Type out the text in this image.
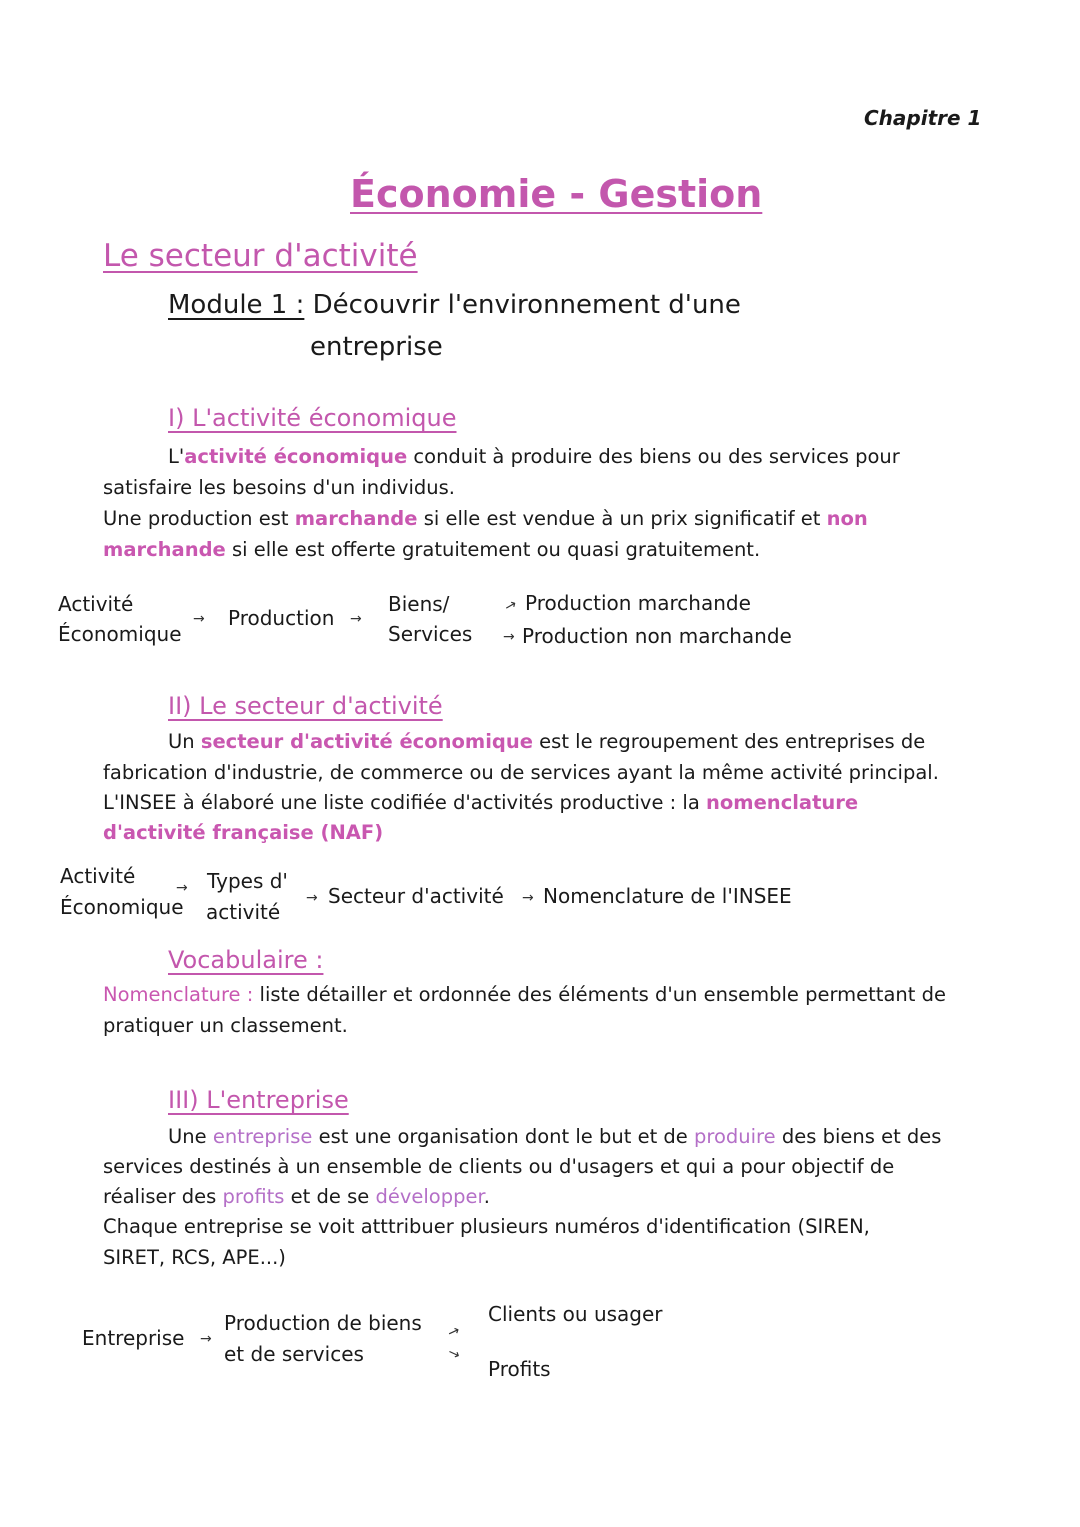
Chapitre 1
Économie - Gestion
Le secteur d'activité
Module 1 : Découvrir l'environnement d'une
entreprise
I) L'activité économique
L'activité économique conduit à produire des biens ou des services pour
satisfaire les besoins d'un individus.
Une production est marchande si elle est vendue à un prix significatif et non
marchande si elle est offerte gratuitement ou quasi gratuitement.
Activité
Économique
→ Production →
Biens/
Services
→
→
Production marchande
Production non marchande
II) Le secteur d'activité
Un secteur d'activité économique est le regroupement des entreprises de
fabrication d'industrie, de commerce ou de services ayant la même activité principal.
L'INSEE à élaboré une liste codifiée d'activités productive : la nomenclature
d'activité française (NAF)
Activité
Économique
→ Types d'
activité
→ Secteur d'activité → Nomenclature de l'INSEE
Vocabulaire :
Nomenclature : liste détailler et ordonnée des éléments d'un ensemble permettant de
pratiquer un classement.
III) L'entreprise
Une entreprise est une organisation dont le but et de produire des biens et des
services destinés à un ensemble de clients ou d'usagers et qui a pour objectif de
réaliser des profits et de se développer.
Chaque entreprise se voit atttribuer plusieurs numéros d'identification (SIREN,
SIRET, RCS, APE...)
Entreprise →
Production de biens
et de services
→
→
Clients ou usager
Profits
